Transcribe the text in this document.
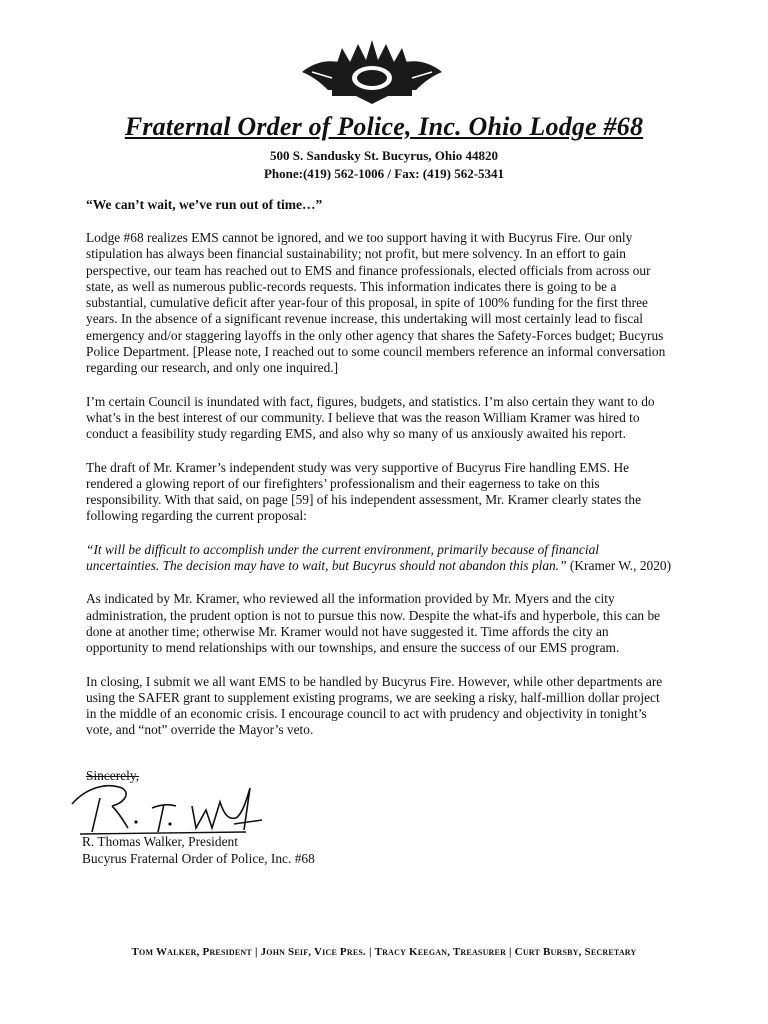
Fraternal Order of Police, Inc. Ohio Lodge #68
500 S. Sandusky St. Bucyrus, Ohio 44820
Phone:(419) 562-1006 / Fax: (419) 562-5341
“We can’t wait, we’ve run out of time…”

Lodge #68 realizes EMS cannot be ignored, and we too support having it with Bucyrus Fire. Our only stipulation has always been financial sustainability; not profit, but mere solvency. In an effort to gain perspective, our team has reached out to EMS and finance professionals, elected officials from across our state, as well as numerous public-records requests. This information indicates there is going to be a substantial, cumulative deficit after year-four of this proposal, in spite of 100% funding for the first three years. In the absence of a significant revenue increase, this undertaking will most certainly lead to fiscal emergency and/or staggering layoffs in the only other agency that shares the Safety-Forces budget; Bucyrus Police Department. [Please note, I reached out to some council members reference an informal conversation regarding our research, and only one inquired.]

I’m certain Council is inundated with fact, figures, budgets, and statistics. I’m also certain they want to do what’s in the best interest of our community. I believe that was the reason William Kramer was hired to conduct a feasibility study regarding EMS, and also why so many of us anxiously awaited his report.

The draft of Mr. Kramer’s independent study was very supportive of Bucyrus Fire handling EMS. He rendered a glowing report of our firefighters’ professionalism and their eagerness to take on this responsibility. With that said, on page [59] of his independent assessment, Mr. Kramer clearly states the following regarding the current proposal:

“It will be difficult to accomplish under the current environment, primarily because of financial uncertainties. The decision may have to wait, but Bucyrus should not abandon this plan.” (Kramer W., 2020)

As indicated by Mr. Kramer, who reviewed all the information provided by Mr. Myers and the city administration, the prudent option is not to pursue this now. Despite the what-ifs and hyperbole, this can be done at another time; otherwise Mr. Kramer would not have suggested it. Time affords the city an opportunity to mend relationships with our townships, and ensure the success of our EMS program.

In closing, I submit we all want EMS to be handled by Bucyrus Fire. However, while other departments are using the SAFER grant to supplement existing programs, we are seeking a risky, half-million dollar project in the middle of an economic crisis. I encourage council to act with prudency and objectivity in tonight’s vote, and “not” override the Mayor’s veto.

Sincerely,
R. Thomas Walker, President
Bucyrus Fraternal Order of Police, Inc. #68
Tom Walker, President | John Seif, Vice Pres. | Tracy Keegan, Treasurer | Curt Bursby, Secretary
